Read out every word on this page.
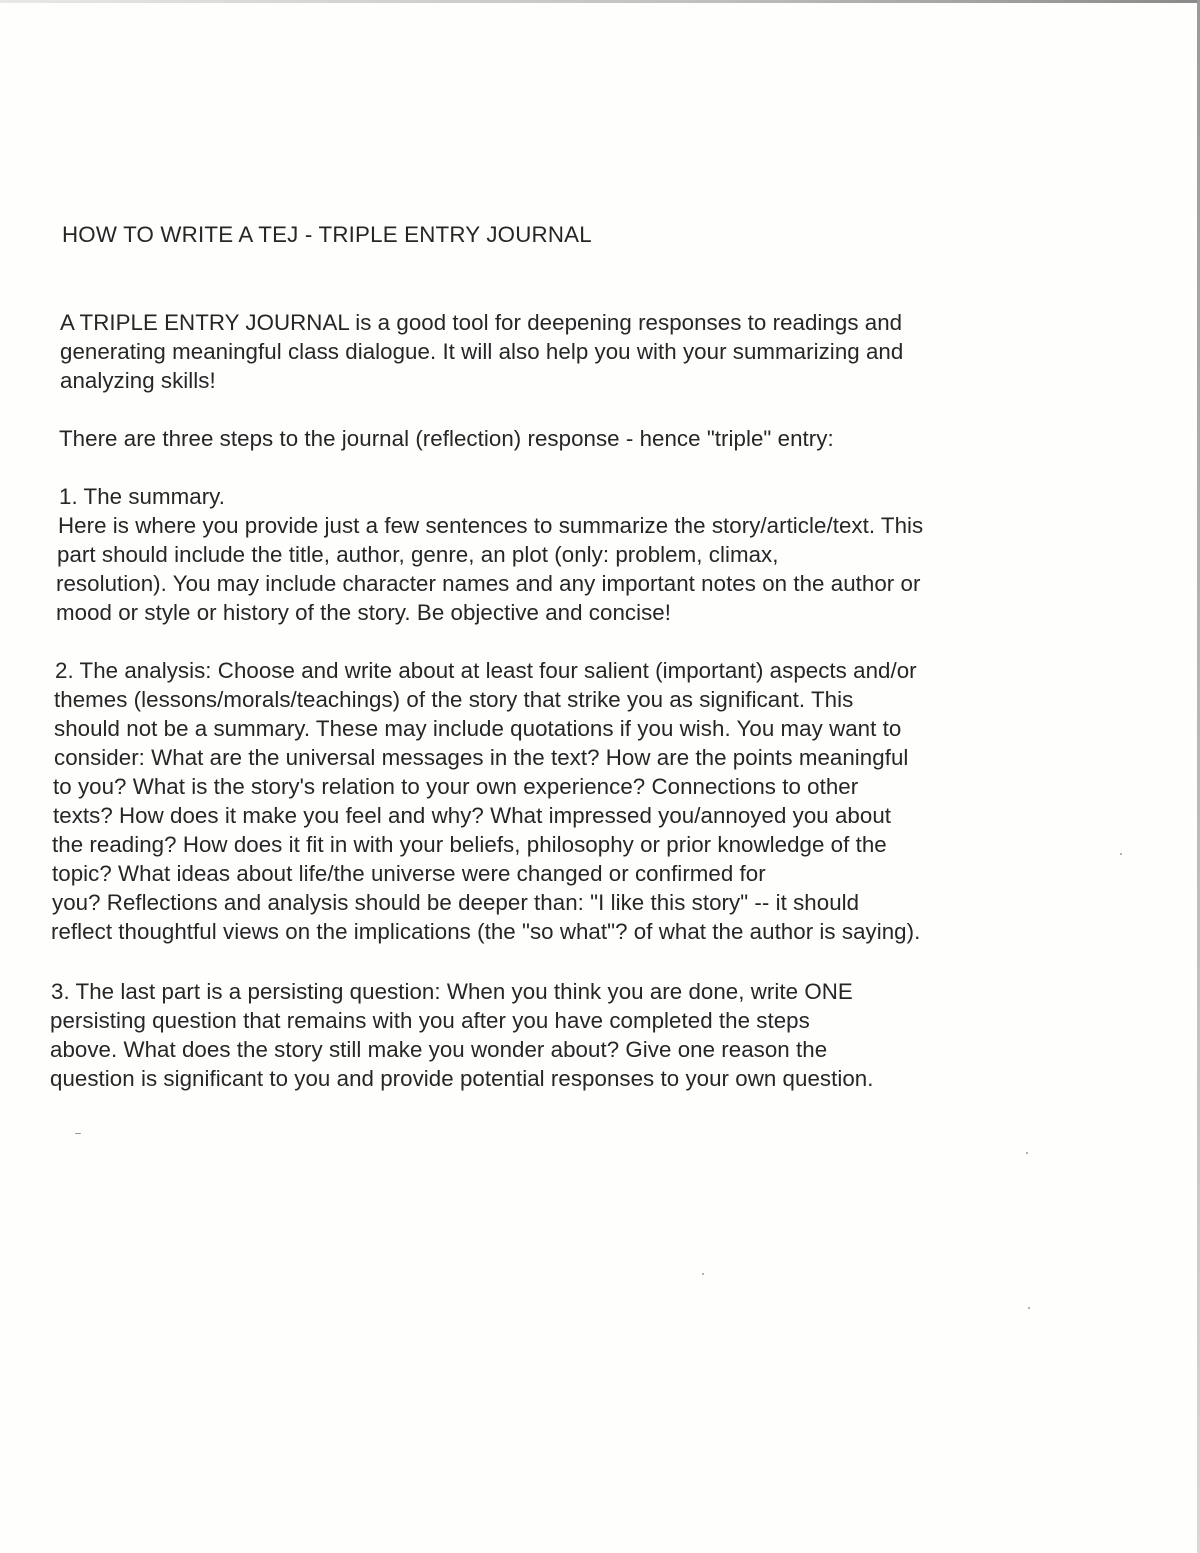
HOW TO WRITE A TEJ - TRIPLE ENTRY JOURNAL
A TRIPLE ENTRY JOURNAL is a good tool for deepening responses to readings and
generating meaningful class dialogue. It will also help you with your summarizing and
analyzing skills!
There are three steps to the journal (reflection) response - hence "triple" entry:
1. The summary.
Here is where you provide just a few sentences to summarize the story/article/text. This
part should include the title, author, genre, an plot (only: problem, climax,
resolution). You may include character names and any important notes on the author or
mood or style or history of the story. Be objective and concise!
2. The analysis: Choose and write about at least four salient (important) aspects and/or
themes (lessons/morals/teachings) of the story that strike you as significant. This
should not be a summary. These may include quotations if you wish. You may want to
consider: What are the universal messages in the text? How are the points meaningful
to you? What is the story's relation to your own experience? Connections to other
texts? How does it make you feel and why? What impressed you/annoyed you about
the reading? How does it fit in with your beliefs, philosophy or prior knowledge of the
topic? What ideas about life/the universe were changed or confirmed for
you? Reflections and analysis should be deeper than: "I like this story" -- it should
reflect thoughtful views on the implications (the "so what"? of what the author is saying).
3. The last part is a persisting question: When you think you are done, write ONE
persisting question that remains with you after you have completed the steps
above. What does the story still make you wonder about? Give one reason the
question is significant to you and provide potential responses to your own question.
